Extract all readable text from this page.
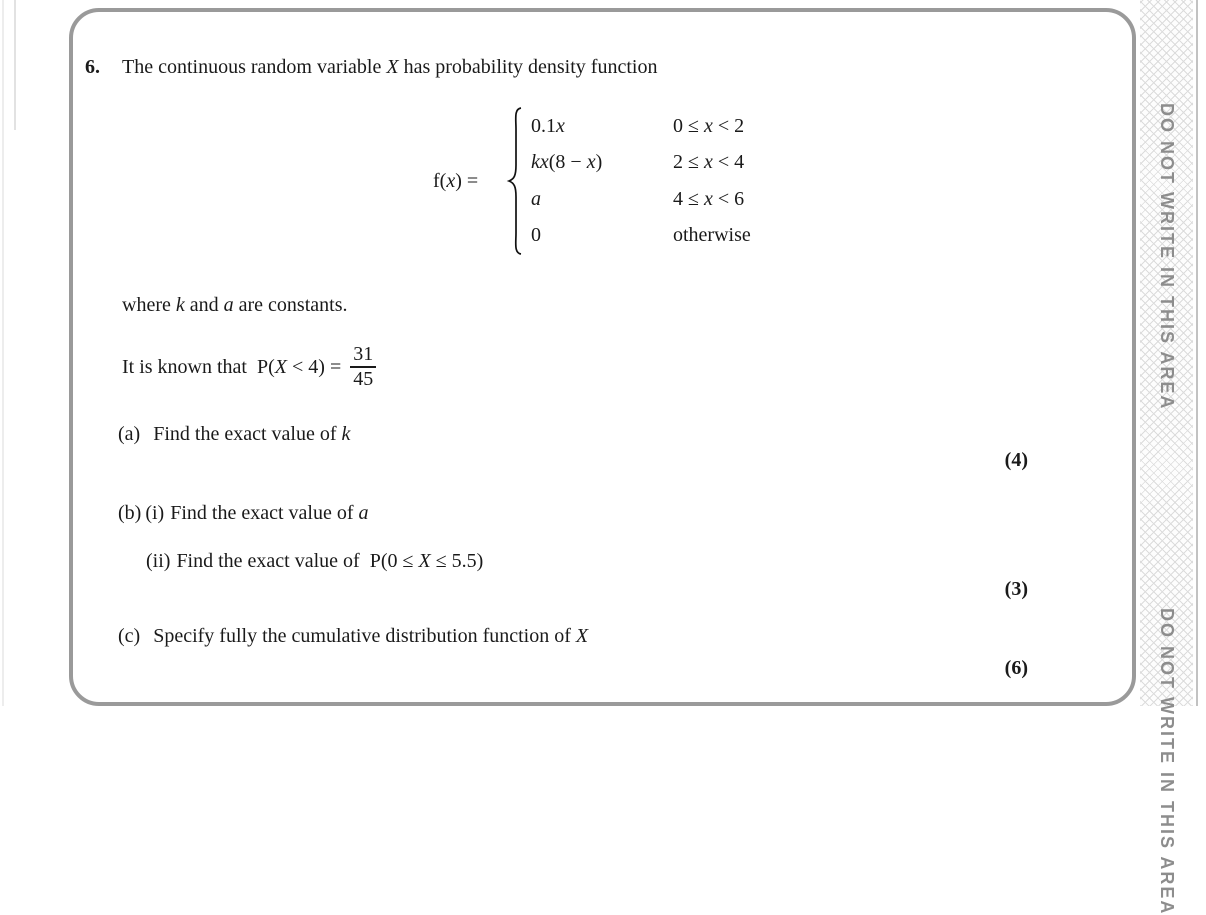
6.	The continuous random variable X has probability density function
f(x) =
0.1x	0 ≤ x < 2
kx(8 − x)	2 ≤ x < 4
a	4 ≤ x < 6
0	otherwise
where k and a are constants.
It is known that  $P(X < 4) = \frac{31}{45}$
(a) Find the exact value of k
(4)
(b) (i) Find the exact value of a
(ii) Find the exact value of  P(0 ≤ X ≤ 5.5)
(3)
(c) Specify fully the cumulative distribution function of X
(6)
DO NOT WRITE IN THIS AREA
DO NOT WRITE IN THIS AREA
